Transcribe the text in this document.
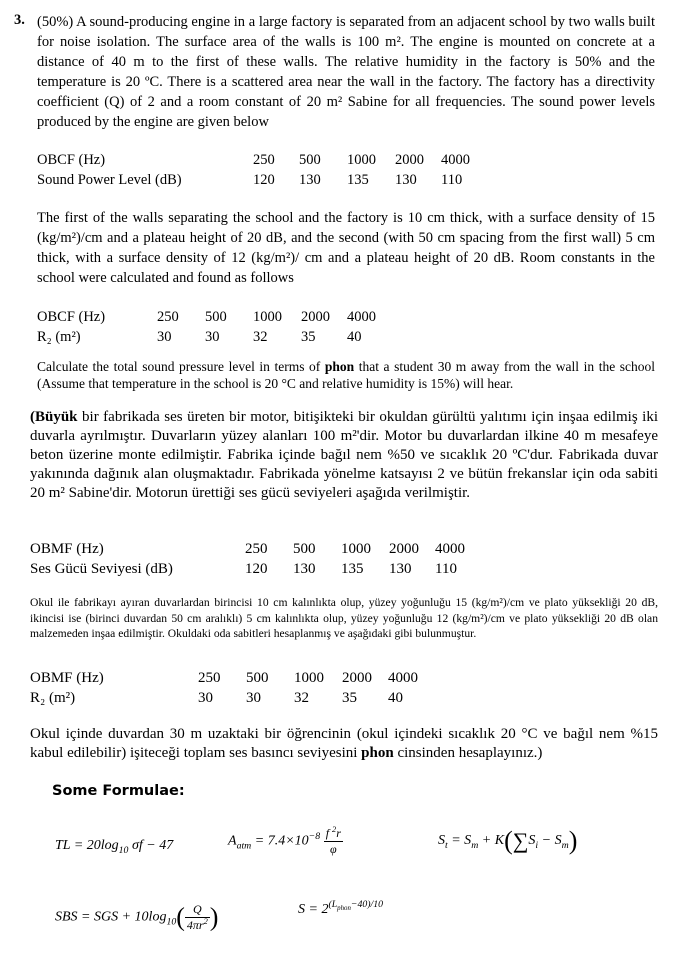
3. (50%) A sound-producing engine in a large factory is separated from an adjacent school by two walls built for noise isolation. The surface area of the walls is 100 m². The engine is mounted on concrete at a distance of 40 m to the first of these walls. The relative humidity in the factory is 50% and the temperature is 20 ºC. There is a scattered area near the wall in the factory. The factory has a directivity coefficient (Q) of 2 and a room constant of 20 m² Sabine for all frequencies. The sound power levels produced by the engine are given below
OBCF (Hz)	250	500	1000	2000	4000
Sound Power Level (dB)	120	130	135	130	110
The first of the walls separating the school and the factory is 10 cm thick, with a surface density of 15 (kg/m²)/cm and a plateau height of 20 dB, and the second (with 50 cm spacing from the first wall) 5 cm thick, with a surface density of 12 (kg/m²)/ cm and a plateau height of 20 dB. Room constants in the school were calculated and found as follows
OBCF (Hz)	250	500	1000	2000	4000
R₂ (m²)	30	30	32	35	40
Calculate the total sound pressure level in terms of phon that a student 30 m away from the wall in the school (Assume that temperature in the school is 20 °C and relative humidity is 15%) will hear.
(Büyük bir fabrikada ses üreten bir motor, bitişikteki bir okuldan gürültü yalıtımı için inşaa edilmiş iki duvarla ayrılmıştır. Duvarların yüzey alanları 100 m²'dir. Motor bu duvarlardan ilkine 40 m mesafeye beton üzerine monte edilmiştir. Fabrika içinde bağıl nem %50 ve sıcaklık 20 ºC'dur. Fabrikada duvar yakınında dağınık alan oluşmaktadır. Fabrikada yönelme katsayısı 2 ve bütün frekanslar için oda sabiti 20 m² Sabine'dir. Motorun ürettiği ses gücü seviyeleri aşağıda verilmiştir.
OBMF (Hz)	250	500	1000	2000	4000
Ses Gücü Seviyesi (dB)	120	130	135	130	110
Okul ile fabrikayı ayıran duvarlardan birincisi 10 cm kalınlıkta olup, yüzey yoğunluğu 15 (kg/m²)/cm ve plato yüksekliği 20 dB, ikincisi ise (birinci duvardan 50 cm aralıklı) 5 cm kalınlıkta olup, yüzey yoğunluğu 12 (kg/m²)/cm ve plato yüksekliği 20 dB olan malzemeden inşaa edilmiştir. Okuldaki oda sabitleri hesaplanmış ve aşağıdaki gibi bulunmuştur.
OBMF (Hz)	250	500	1000	2000	4000
R₂ (m²)	30	30	32	35	40
Okul içinde duvardan 30 m uzaktaki bir öğrencinin (okul içindeki sıcaklık 20 °C ve bağıl nem %15 kabul edilebilir) işiteceği toplam ses basıncı seviyesini phon cinsinden hesaplayınız.)
Some Formulae:
TL = $20\log_{10}$ σf − 47	$A_{atm} = 7.4\times 10^{-8} \frac{f ^2r}{\varphi}$	$S_t = S_m + K(\sum S_i - S_m)$
SBS = SGS + $10\log_{10}( \frac{Q}{4\pi r^2}$ )	$S = 2^{(L_{phon}-40)/10}$
